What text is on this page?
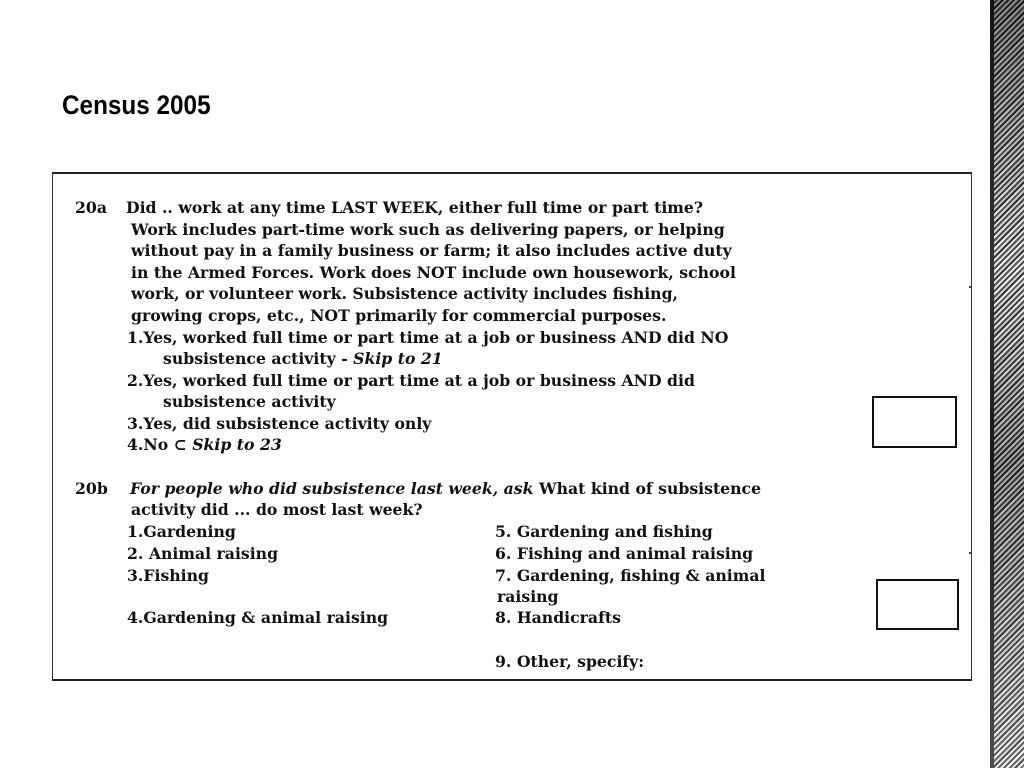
Census 2005
20a Did .. work at any time LAST WEEK, either full time or part time?
Work includes part-time work such as delivering papers, or helping
without pay in a family business or farm; it also includes active duty
in the Armed Forces. Work does NOT include own housework, school
work, or volunteer work. Subsistence activity includes fishing,
growing crops, etc., NOT primarily for commercial purposes.
1.Yes, worked full time or part time at a job or business AND did NO
subsistence activity - Skip to 21
2.Yes, worked full time or part time at a job or business AND did
subsistence activity
3.Yes, did subsistence activity only
4.No ⊂ Skip to 23
20b For people who did subsistence last week, ask What kind of subsistence
activity did ... do most last week?
1.Gardening
2. Animal raising
3.Fishing
4.Gardening & animal raising
5. Gardening and fishing
6. Fishing and animal raising
7. Gardening, fishing & animal
raising
8. Handicrafts
9. Other, specify:
